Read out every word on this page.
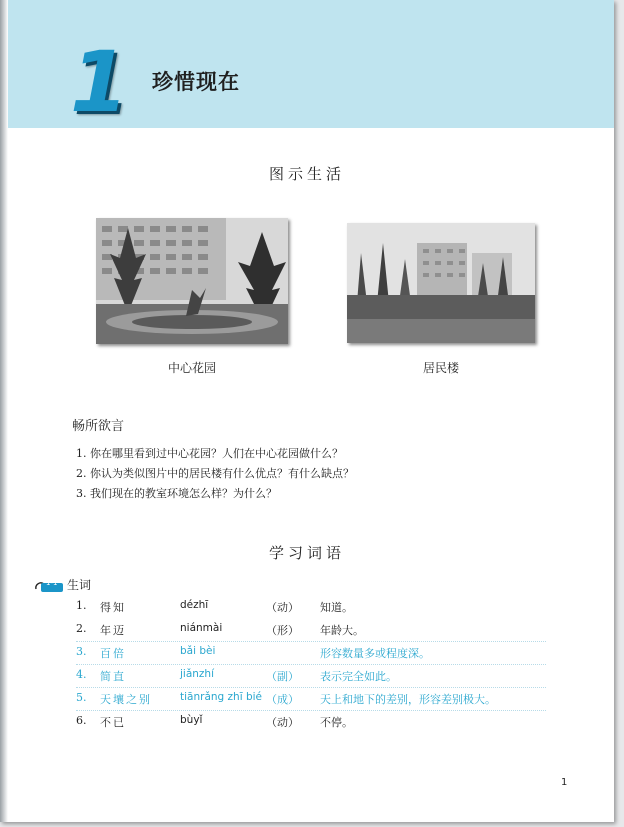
1 珍惜现在
图示生活
中心花园	居民楼
畅所欲言
1. 你在哪里看到过中心花园？人们在中心花园做什么？
2. 你认为类似图片中的居民楼有什么优点？有什么缺点？
3. 我们现在的教室环境怎么样？为什么？
学习词语
1-1 生词
1. 得知	dézhī	（动） 知道。
2. 年迈	niánmài	（形） 年龄大。
3. 百倍	bǎi bèi	形容数量多或程度深。
4. 简直	jiǎnzhí	（副） 表示完全如此。
5. 天壤之别	tiānrǎng zhī bié （成） 天上和地下的差别，形容差别极大。
6. 不已	bùyǐ	（动） 不停。
1
